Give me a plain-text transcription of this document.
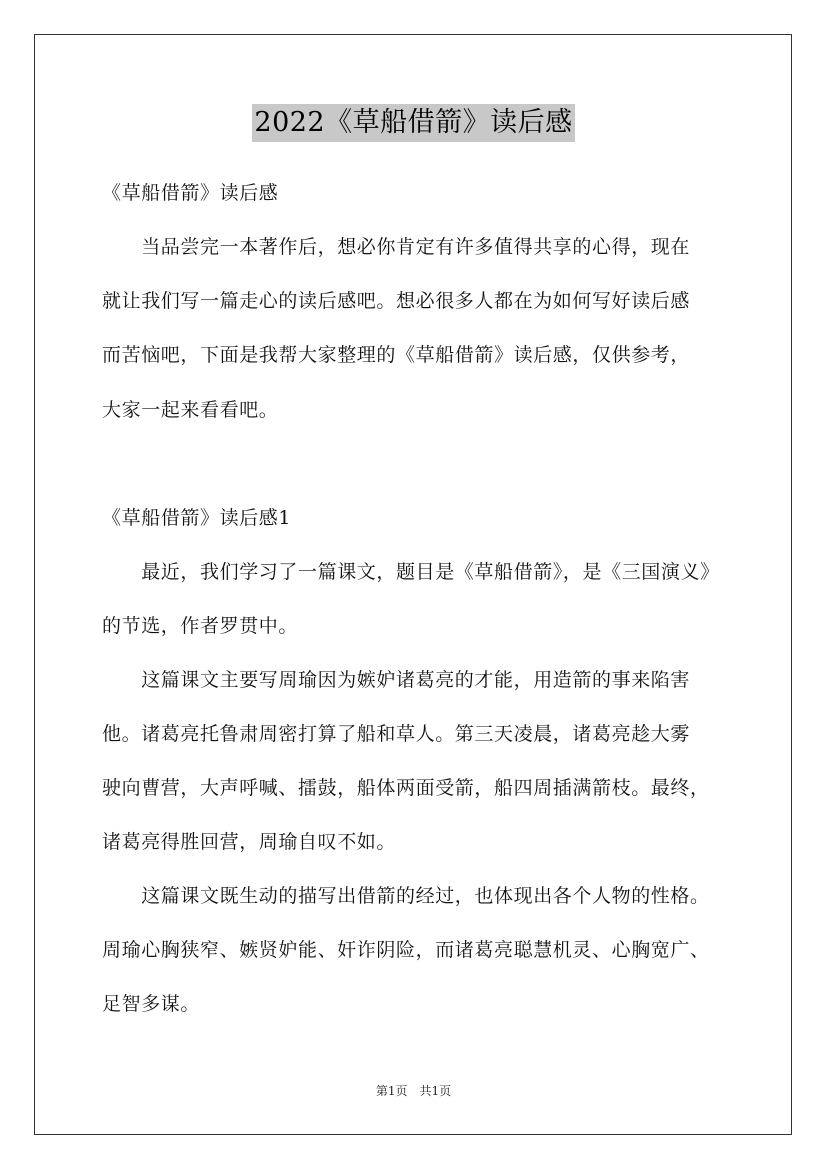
2022《草船借箭》读后感
《草船借箭》读后感
　　当品尝完一本著作后，想必你肯定有许多值得共享的心得，现在
就让我们写一篇走心的读后感吧。想必很多人都在为如何写好读后感
而苦恼吧，下面是我帮大家整理的《草船借箭》读后感，仅供参考，
大家一起来看看吧。
《草船借箭》读后感1
　　最近，我们学习了一篇课文，题目是《草船借箭》，是《三国演义》
的节选，作者罗贯中。
　　这篇课文主要写周瑜因为嫉妒诸葛亮的才能，用造箭的事来陷害
他。诸葛亮托鲁肃周密打算了船和草人。第三天凌晨，诸葛亮趁大雾
驶向曹营，大声呼喊、擂鼓，船体两面受箭，船四周插满箭枝。最终，
诸葛亮得胜回营，周瑜自叹不如。
　　这篇课文既生动的描写出借箭的经过，也体现出各个人物的性格。
周瑜心胸狭窄、嫉贤妒能、奸诈阴险，而诸葛亮聪慧机灵、心胸宽广、
足智多谋。
第1页　共1页
